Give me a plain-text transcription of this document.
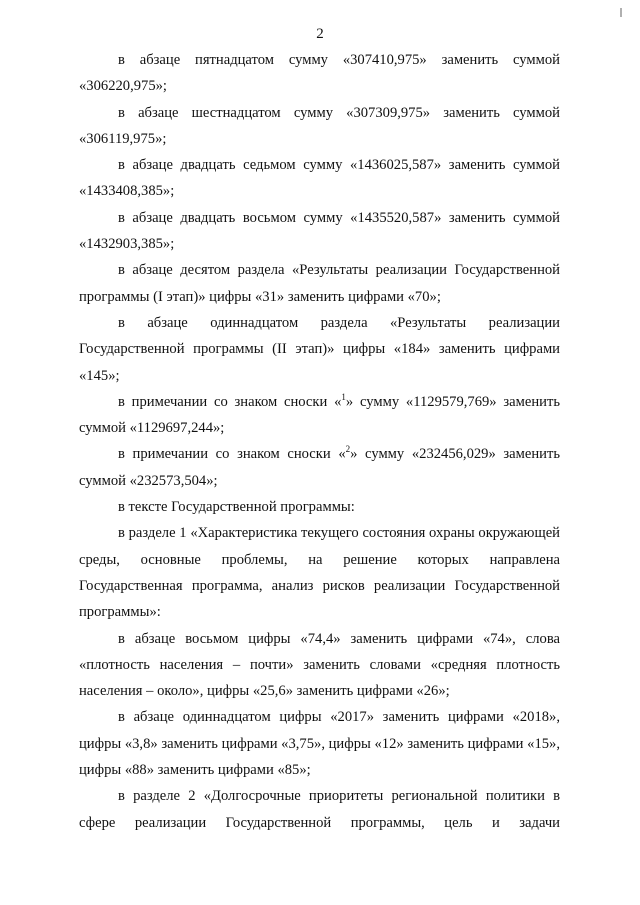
2

в абзаце пятнадцатом сумму «307410,975» заменить суммой «306220,975»;

в абзаце шестнадцатом сумму «307309,975» заменить суммой «306119,975»;

в абзаце двадцать седьмом сумму «1436025,587» заменить суммой «1433408,385»;

в абзаце двадцать восьмом сумму «1435520,587» заменить суммой «1432903,385»;

в абзаце десятом раздела «Результаты реализации Государственной программы (I этап)» цифры «31» заменить цифрами «70»;

в абзаце одиннадцатом раздела «Результаты реализации Государственной программы (II этап)» цифры «184» заменить цифрами «145»;

в примечании со знаком сноски «$^1$» сумму «1129579,769» заменить суммой «1129697,244»;

в примечании со знаком сноски «$^2$» сумму «232456,029» заменить суммой «232573,504»;

в тексте Государственной программы:

в разделе 1 «Характеристика текущего состояния охраны окружающей среды, основные проблемы, на решение которых направлена Государственная программа, анализ рисков реализации Государственной программы»:

в абзаце восьмом цифры «74,4» заменить цифрами «74», слова «плотность населения – почти» заменить словами «средняя плотность населения – около», цифры «25,6» заменить цифрами «26»;

в абзаце одиннадцатом цифры «2017» заменить цифрами «2018», цифры «3,8» заменить цифрами «3,75», цифры «12» заменить цифрами «15», цифры «88» заменить цифрами «85»;

в разделе 2 «Долгосрочные приоритеты региональной политики в сфере реализации Государственной программы, цель и задачи
